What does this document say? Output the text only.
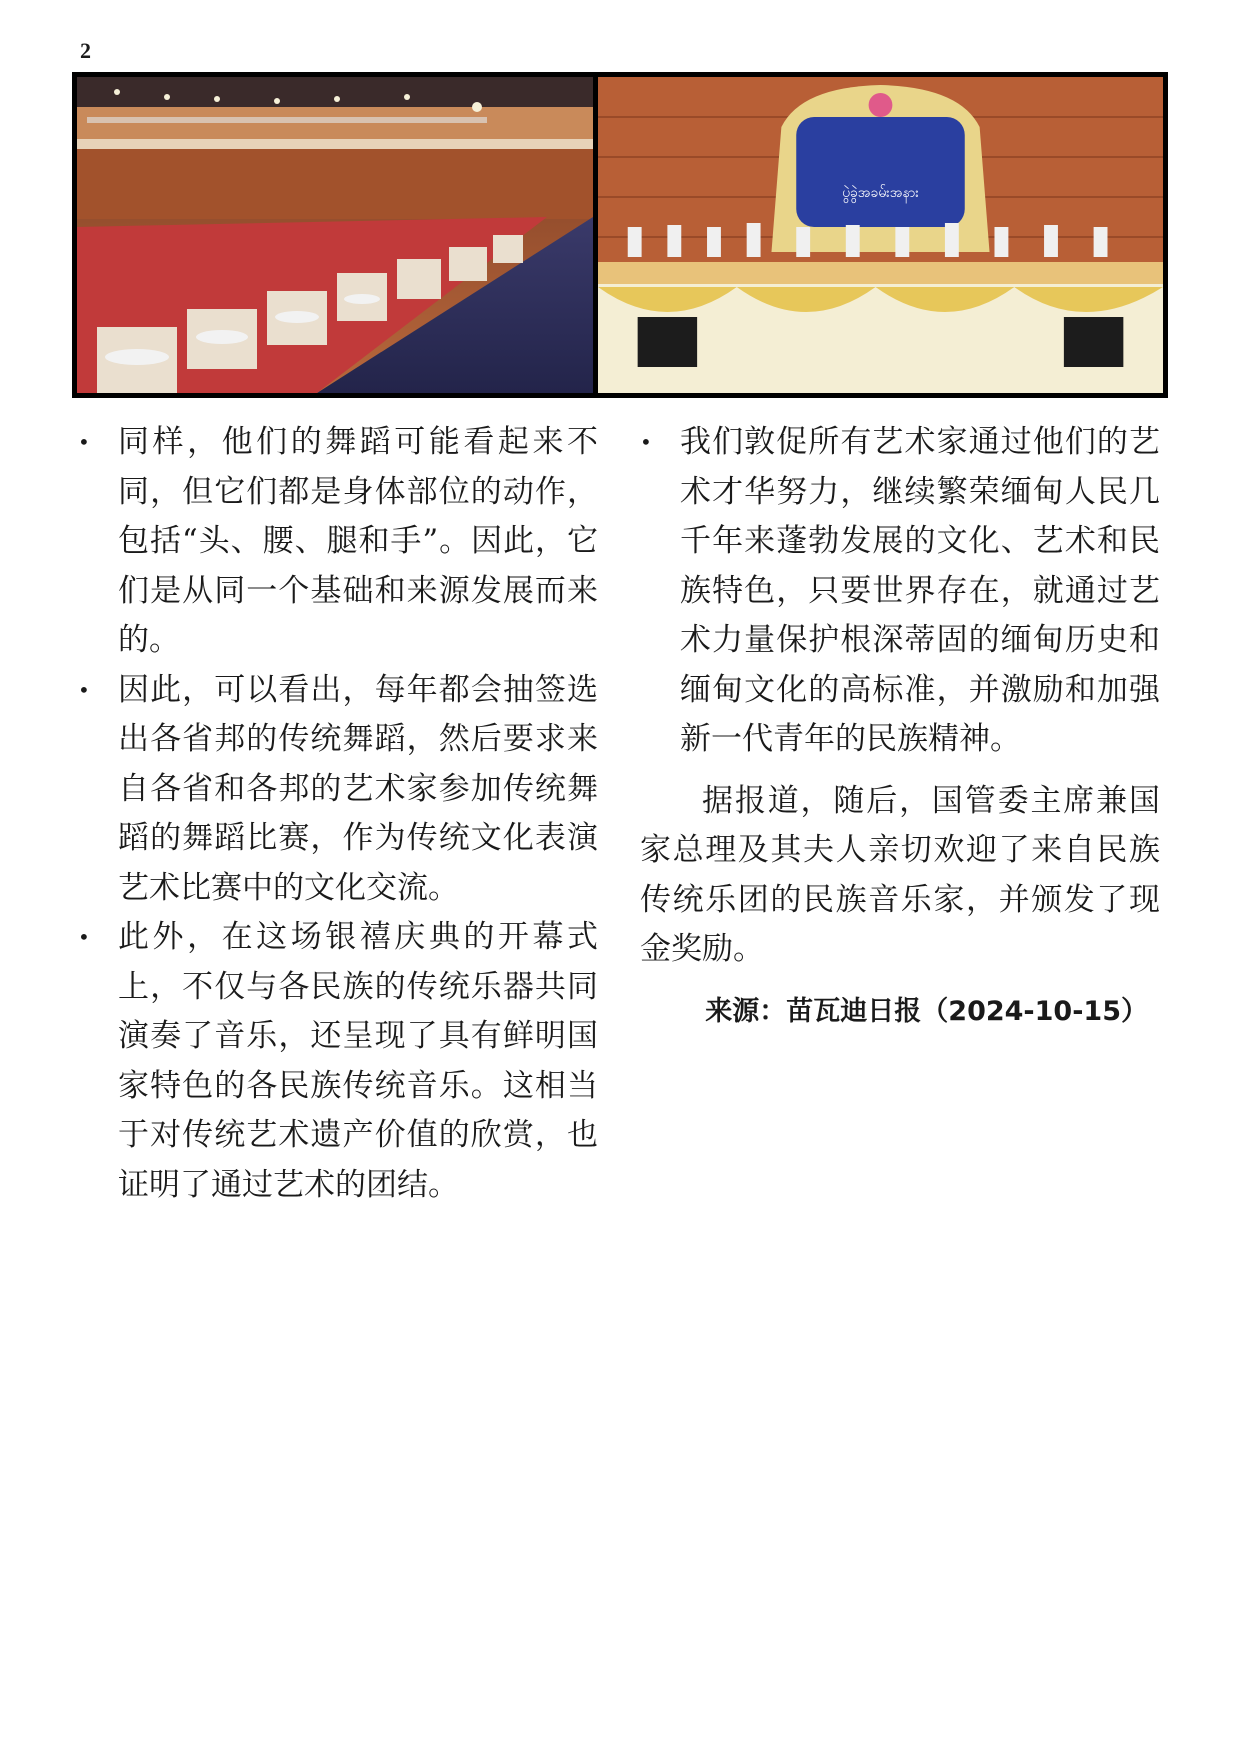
2
ပွဲခွဲအခမ်းအနား
• 同样，他们的舞蹈可能看起来不同，但它们都是身体部位的动作，包括“头、腰、腿和手”。因此，它们是从同一个基础和来源发展而来的。
• 因此，可以看出，每年都会抽签选出各省邦的传统舞蹈，然后要求来自各省和各邦的艺术家参加传统舞蹈的舞蹈比赛，作为传统文化表演艺术比赛中的文化交流。
• 此外，在这场银禧庆典的开幕式上，不仅与各民族的传统乐器共同演奏了音乐，还呈现了具有鲜明国家特色的各民族传统音乐。这相当于对传统艺术遗产价值的欣赏，也证明了通过艺术的团结。
• 我们敦促所有艺术家通过他们的艺术才华努力，继续繁荣缅甸人民几千年来蓬勃发展的文化、艺术和民族特色，只要世界存在，就通过艺术力量保护根深蒂固的缅甸历史和缅甸文化的高标准，并激励和加强新一代青年的民族精神。

据报道，随后，国管委主席兼国家总理及其夫人亲切欢迎了来自民族传统乐团的民族音乐家，并颁发了现金奖励。

来源：苗瓦迪日报（2024-10-15）
